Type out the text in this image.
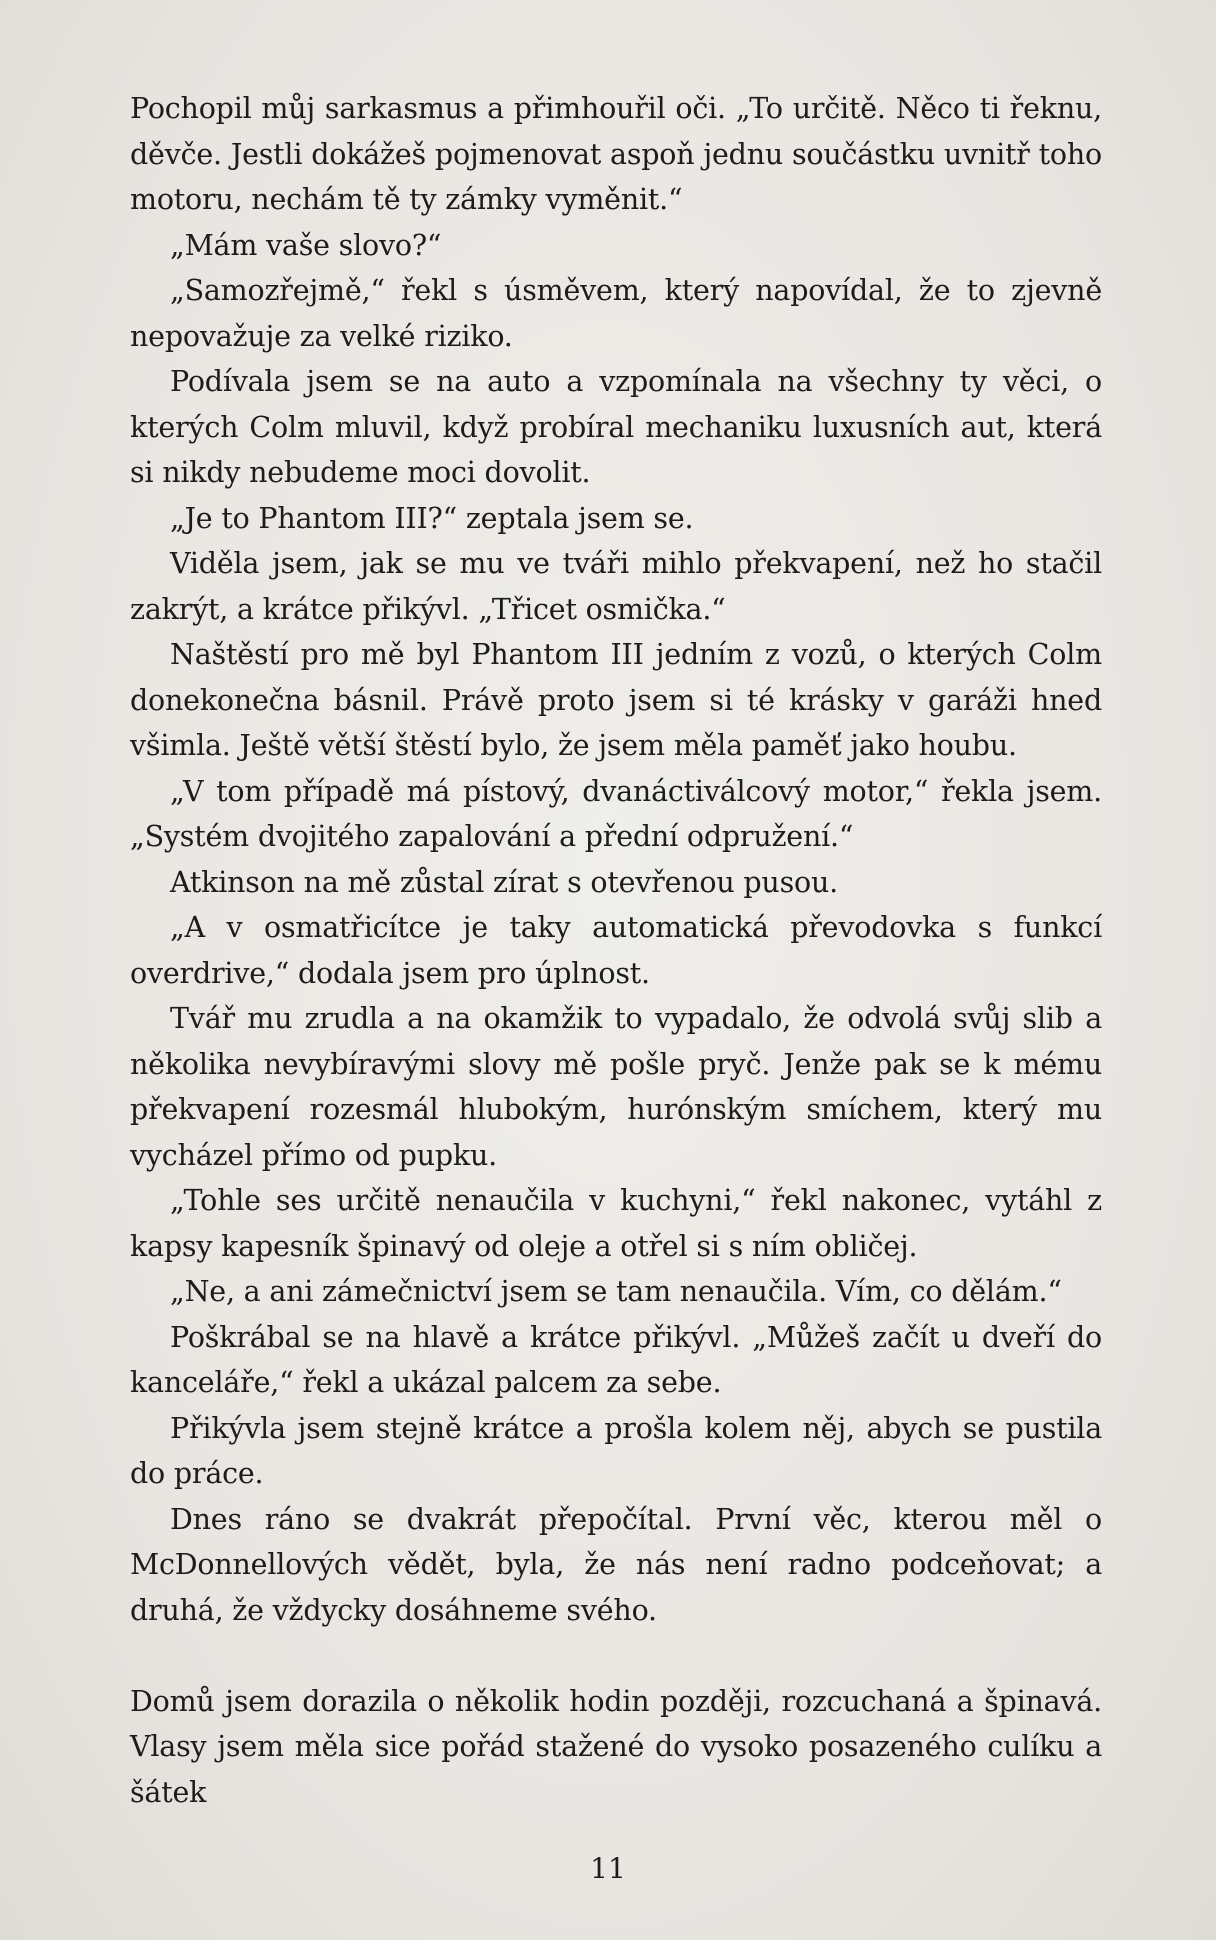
Pochopil můj sarkasmus a přimhouřil oči. „To určitě. Něco ti řeknu, děvče. Jestli dokážeš pojmenovat aspoň jednu součástku uvnitř toho motoru, nechám tě ty zámky vyměnit.“

„Mám vaše slovo?“

„Samozřejmě,“ řekl s úsměvem, který napovídal, že to zjevně nepovažuje za velké riziko.

Podívala jsem se na auto a vzpomínala na všechny ty věci, o kterých Colm mluvil, když probíral mechaniku luxusních aut, která si nikdy nebudeme moci dovolit.

„Je to Phantom III?“ zeptala jsem se.

Viděla jsem, jak se mu ve tváři mihlo překvapení, než ho stačil zakrýt, a krátce přikývl. „Třicet osmička.“

Naštěstí pro mě byl Phantom III jedním z vozů, o kterých Colm donekonečna básnil. Právě proto jsem si té krásky v garáži hned všimla. Ještě větší štěstí bylo, že jsem měla paměť jako houbu.

„V tom případě má pístový, dvanáctiválcový motor,“ řekla jsem. „Systém dvojitého zapalování a přední odpružení.“

Atkinson na mě zůstal zírat s otevřenou pusou.

„A v osmatřicítce je taky automatická převodovka s funkcí overdrive,“ dodala jsem pro úplnost.

Tvář mu zrudla a na okamžik to vypadalo, že odvolá svůj slib a několika nevybíravými slovy mě pošle pryč. Jenže pak se k mému překvapení rozesmál hlubokým, hurónským smíchem, který mu vycházel přímo od pupku.

„Tohle ses určitě nenaučila v kuchyni,“ řekl nakonec, vytáhl z kapsy kapesník špinavý od oleje a otřel si s ním obličej.

„Ne, a ani zámečnictví jsem se tam nenaučila. Vím, co dělám.“

Poškrábal se na hlavě a krátce přikývl. „Můžeš začít u dveří do kanceláře,“ řekl a ukázal palcem za sebe.

Přikývla jsem stejně krátce a prošla kolem něj, abych se pustila do práce.

Dnes ráno se dvakrát přepočítal. První věc, kterou měl o McDonnellových vědět, byla, že nás není radno podceňovat; a druhá, že vždycky dosáhneme svého.

Domů jsem dorazila o několik hodin později, rozcuchaná a špinavá. Vlasy jsem měla sice pořád stažené do vysoko posazeného culíku a šátek

11
